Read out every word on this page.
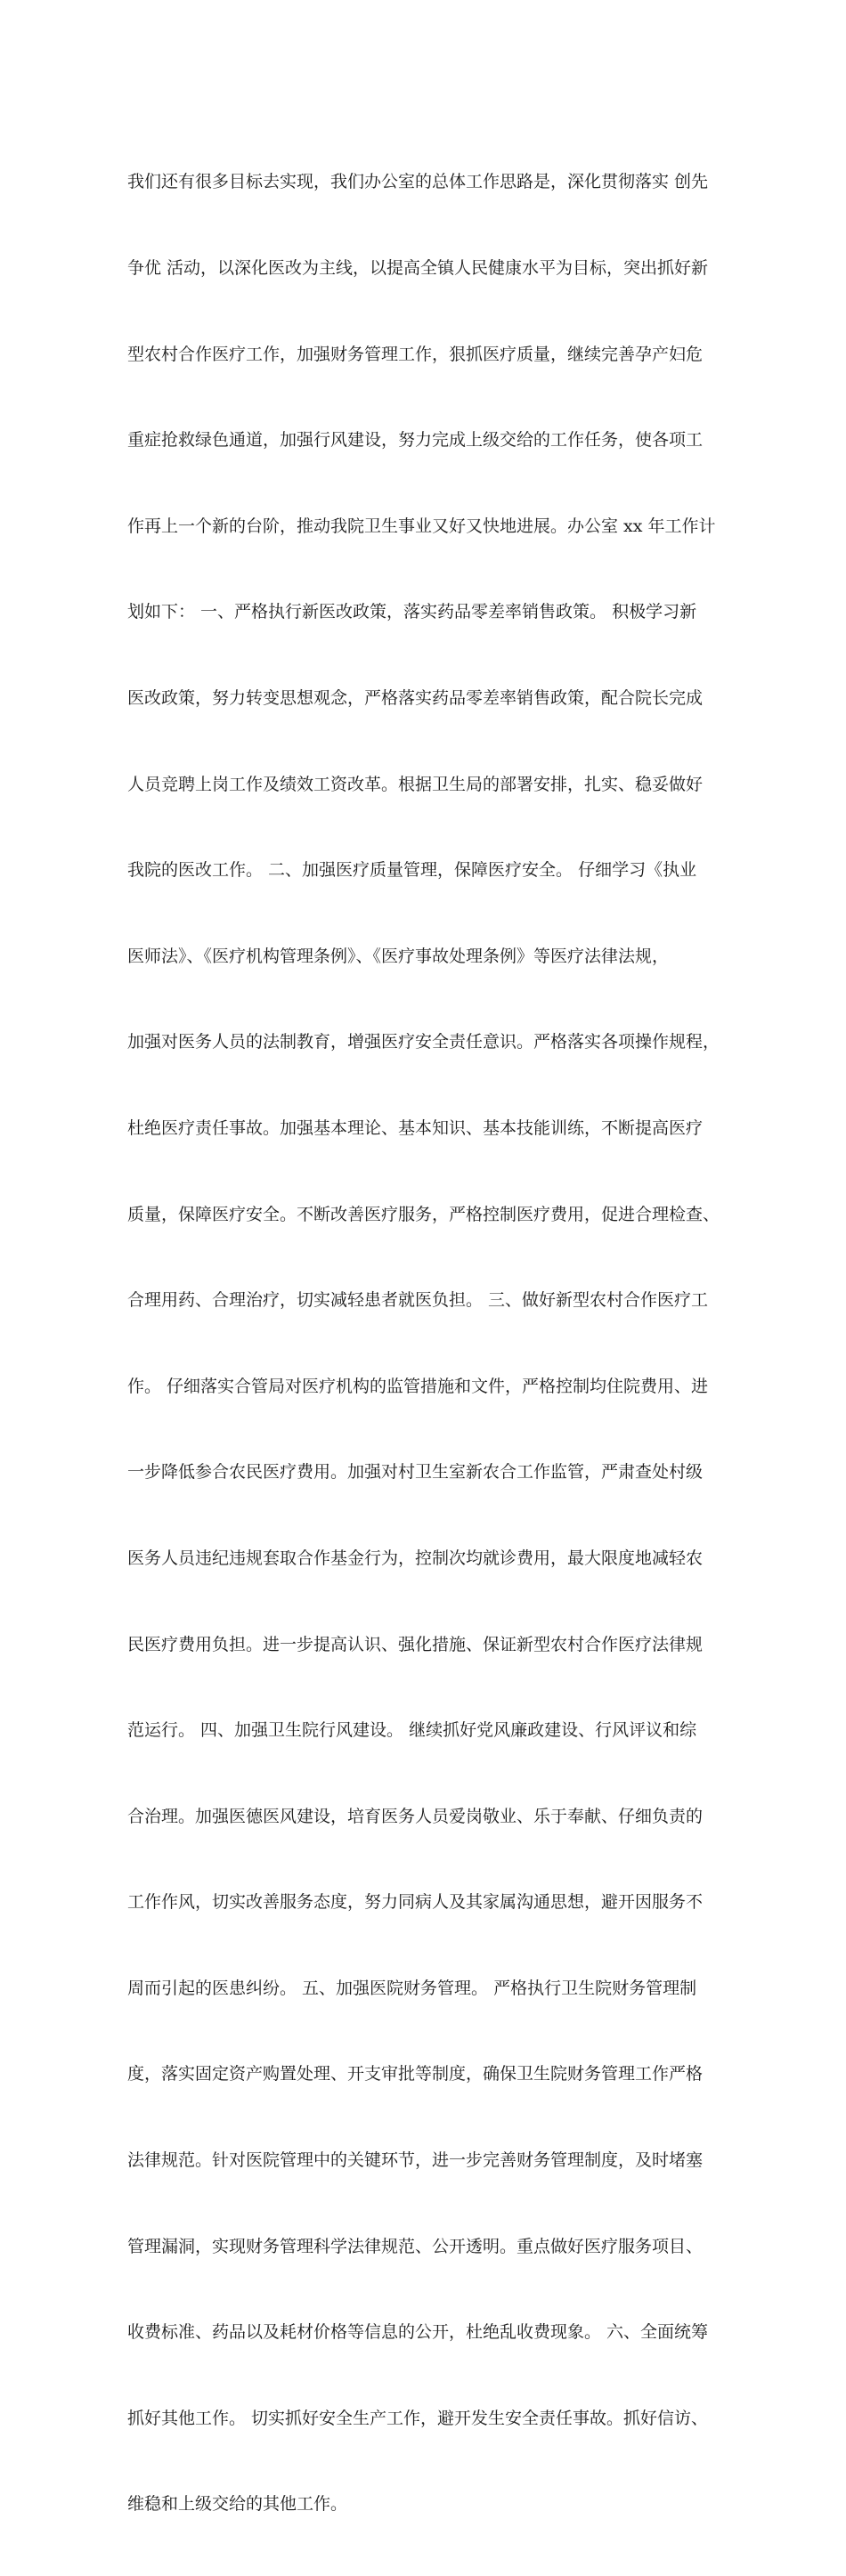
我们还有很多目标去实现，我们办公室的总体工作思路是，深化贯彻落实 创先

争优 活动，以深化医改为主线，以提高全镇人民健康水平为目标，突出抓好新

型农村合作医疗工作，加强财务管理工作，狠抓医疗质量，继续完善孕产妇危

重症抢救绿色通道，加强行风建设，努力完成上级交给的工作任务，使各项工

作再上一个新的台阶，推动我院卫生事业又好又快地进展。办公室 xx 年工作计

划如下： 一、严格执行新医改政策，落实药品零差率销售政策。 积极学习新

医改政策，努力转变思想观念，严格落实药品零差率销售政策，配合院长完成

人员竞聘上岗工作及绩效工资改革。根据卫生局的部署安排，扎实、稳妥做好

我院的医改工作。 二、加强医疗质量管理，保障医疗安全。 仔细学习《执业

医师法》、《医疗机构管理条例》、《医疗事故处理条例》等医疗法律法规，

加强对医务人员的法制教育，增强医疗安全责任意识。严格落实各项操作规程，

杜绝医疗责任事故。加强基本理论、基本知识、基本技能训练，不断提高医疗

质量，保障医疗安全。不断改善医疗服务，严格控制医疗费用，促进合理检查、

合理用药、合理治疗，切实减轻患者就医负担。 三、做好新型农村合作医疗工

作。 仔细落实合管局对医疗机构的监管措施和文件，严格控制均住院费用、进

一步降低参合农民医疗费用。加强对村卫生室新农合工作监管，严肃查处村级

医务人员违纪违规套取合作基金行为，控制次均就诊费用，最大限度地减轻农

民医疗费用负担。进一步提高认识、强化措施、保证新型农村合作医疗法律规

范运行。 四、加强卫生院行风建设。 继续抓好党风廉政建设、行风评议和综

合治理。加强医德医风建设，培育医务人员爱岗敬业、乐于奉献、仔细负责的

工作作风，切实改善服务态度，努力同病人及其家属沟通思想，避开因服务不

周而引起的医患纠纷。 五、加强医院财务管理。 严格执行卫生院财务管理制

度，落实固定资产购置处理、开支审批等制度，确保卫生院财务管理工作严格

法律规范。针对医院管理中的关键环节，进一步完善财务管理制度，及时堵塞

管理漏洞，实现财务管理科学法律规范、公开透明。重点做好医疗服务项目、

收费标准、药品以及耗材价格等信息的公开，杜绝乱收费现象。 六、全面统筹

抓好其他工作。 切实抓好安全生产工作，避开发生安全责任事故。抓好信访、

维稳和上级交给的其他工作。
